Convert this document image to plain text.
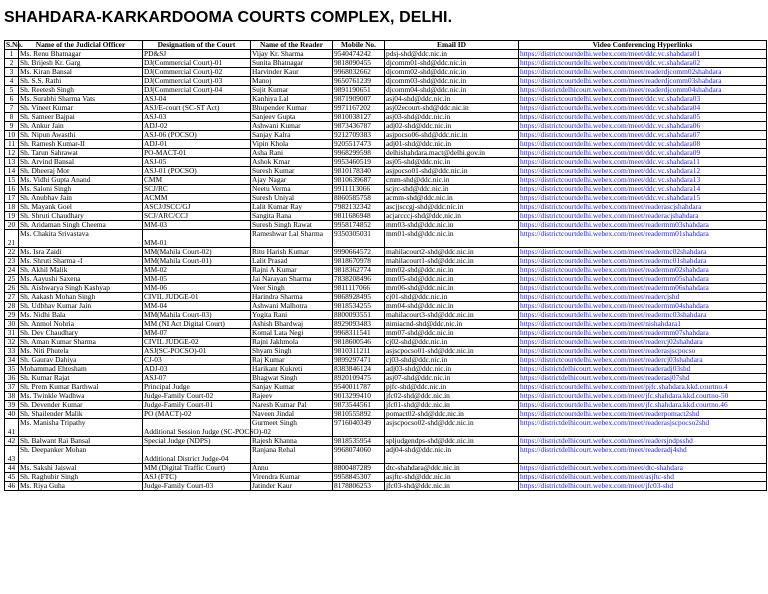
SHAHDARA-KARKARDOOMA COURTS COMPLEX, DELHI.
S.No.	Name of the Judicial Officer	Designation of the Court	Name of the Reader	Mobile No.	Email ID	Video Conferencing Hyperlinks
1	Ms. Renu Bhatnagar	PD&SJ	Vijay Kr. Sharma	9540474242	pdsj-shd@ddc.nic.in	https://districtcourtdelhi.webex.com/meet/ddc.vc.shahdara01
2	Sh. Brijesh Kr. Garg	DJ(Commercial Court)-01	Sunita Bhatnagar	9818090455	djcomm01-shd@ddc.nic.in	https://districtcourtdelhi.webex.com/meet/ddc.vc.shahdara02
3	Ms. Kiran Bansal	DJ(Commercial Court)-02	Harvinder Kaur	9968032662	djcomm02-shd@ddc.nic.in	https://districtcourtdelhi.webex.com/meet/readerdjcomm02shahdara
4	Sh. S.S. Rathi	DJ(Commercial Court)-03	Manoj	9650761239	djcomm03-shd@ddc.nic.in	https://districtcourtdelhi.webex.com/meet/readerdjcomm03shahdara
5	Sh. Reetesh Singh	DJ(Commercial Court)-04	Sujit Kumar	9891190651	djcomm04-shd@ddc.nic.in	https://districtdelhicourt.webex.com/meet/readerdjcomm04shahdara
6	Ms. Surabhi Sharma Vats	ASJ-04	Kanhiya Lal	9871909007	asj04-shd@ddc.nic.in	https://districtcourtdelhi.webex.com/meet/ddc.vc.shahdara03
7	Sh. Vineet Kumar	ASJ/E-court (SC-ST Act)	Bhupender Kumar	9971167202	asj02ecourt-shd@ddc.nic.in	https://districtcourtdelhi.webex.com/meet/ddc.vc.shahdara04
8	Sh. Sameer Bajpai	ASJ-03	Sanjeev Gupta	9810038127	asj03-shd@ddc.nic.in	https://districtcourtdelhi.webex.com/meet/ddc.vc.shahdara05
9	Sh. Ankur Jain	ADJ-02	Ashwani Kumar	9873436787	adj02-shd@ddc.nic.in	https://districtcourtdelhi.webex.com/meet/ddc.vc.shahdara06
10	Sh. Nipun Awasthi	ASJ-06 (POCSO)	Sanjay Kalra	9212709383	asjpocso06-shd@ddc.nic.in	https://districtcourtdelhi.webex.com/meet/ddc.vc.shahdara07
11	Sh. Ramesh Kumar-II	ADJ-01	Vipin Khola	9205517473	adj01-shd@ddc.nic.in	https://districtcourtdelhi.webex.com/meet/ddc.vc.shahdara08
12	Sh. Tarun Sahrawat	PO-MACT-01	Asha Rani	9968299598	delhishahdara.mact@delhi.gov.in	https://districtcourtdelhi.webex.com/meet/ddc.vc.shahdara09
13	Sh. Arvind Bansal	ASJ-05	Ashok Kmar	9953460519	asj05-shd@ddc.nic.in	https://districtcourtdelhi.webex.com/meet/ddc.vc.shahdara11
14	Sh. Dheeraj Mor	ASJ-01 (POCSO)	Suresh Kumar	9810178340	asjpocso01-shd@ddc.nic.in	https://districtcourtdelhi.webex.com/meet/ddc.vc.shahdara12
15	Ms. Vidhi Gupta Anand	CMM	Ajay Nagar	9810639687	cmm-shd@ddc.nic.in	https://districtcourtdelhi.webex.com/meet/ddc.vc.shahdara13
16	Ms. Saloni Singh	SCJ/RC	Neetu Verma	9911113066	scjrc-shd@ddc.nic.in	https://districtcourtdelhi.webex.com/meet/ddc.vc.shahdara14
17	Sh. Anubhav Jain	ACMM	Suresh Uniyal	8860585758	acmm-shd@ddc.nic.in	https://districtcourtdelhi.webex.com/meet/ddc.vc.shahdara15
18	Sh. Mayank Goel	ASCJ/JSCC/GJ	Lalit Kumar Ray	7982132342	ascjjsccgj-shd@ddc.nic.in	https://districtcourtdelhi.webex.com/meet/readerascjshahdara
19	Sh. Shruti Chaudhary	SCJ/ARC/CCJ	Sangita Rana	9811686948	acjarcccj-shd@ddc.nic.in	https://districtcourtdelhi.webex.com/meet/readeracjshahdara
20	Sh. Aridaman Singh Cheema	MM-03	Suresh Singh Rawat	9958174852	mm03-shd@ddc.nic.in	https://districtcourtdelhi.webex.com/meet/readermm03shahdara
21	Ms. Chakita Srivastava	MM-01	Rameshwar Lal Sharma	9350305031	mm01-shd@ddc.nic.in	https://districtcourtdelhi.webex.com/meet/readermm01shahdara
22	Ms. Isra Zaidi	MM(Mahila Court-02)	Ritu Harish Kumar	9990664572	mahilacourt2-shd@ddc.nic.in	https://districtcourtdelhi.webex.com/meet/readermc02shahdara
23	Ms. Shruti Sharma -I	MM(Mahila Court-01)	Lalit Prasad	9818670978	mahilacourt1-shd@ddc.nic.in	https://districtcourtdelhi.webex.com/meet/readermc01shahdara
24	Sh. Akhil Malik	MM-02	Rajni A Kumar	9818362774	mm02-shd@ddc.nic.in	https://districtcourtdelhi.webex.com/meet/readermm02shahdara
25	Ms. Aayushi Saxena	MM-05	Jai Narayan Sharma	7838208496	mm05-shd@ddc.nic.in	https://districtcourtdelhi.webex.com/meet/readermm05shahdara
26	Sh. Aishwarya Singh Kashyap	MM-06	Veer Singh	9811117066	mm06-shd@ddc.nic.in	https://districtcourtdelhi.webex.com/meet/readermm06shahdara
27	Sh. Aakash Mohan Singh	CIVIL JUDGE-01	Harindra Sharma	9868928495	cj01-shd@ddc.nic.in	https://districtcourtdelhi.webex.com/meet/readercjshd
28	Sh. Udbhav Kumar Jain	MM-04	Ashwani Malhotra	9818534255	mm04-shd@ddc.nic.in	https://districtcourtdelhi.webex.com/meet/readermm04shahdara
29	Ms. Nidhi Bala	MM(Mahila Court-03)	Yogita Rani	8800093551	mahilacourt3-shd@ddc.nic.in	https://districtcourtdelhi.webex.com/meet/readermc03shahdara
30	Sh. Anmol Nohria	MM (NI Act Digital Court)	Ashish Bhardwaj	8929093483	nimiacnd-shd@ddc.nic.in	https://districtcourtdelhi.webex.com/meet/nishahdara1
31	Sh. Dev Chaudhary	MM-07	Komal Lata Negi	9968311541	mm07-shd@ddc.nic.in	https://districtcourtdelhi.webex.com/meet/readermm07shahdara
32	Sh. Aman Kumar Sharma	CIVIL JUDGE-02	Rajni Jakhmola	9818600546	cj02-shd@ddc.nic.in	https://districtcourtdelhi.webex.com/meet/readercj02shahdara
33	Ms. Niti Phutela	ASJ(SC-POCSO)-01	Shyam Singh	9810311211	asjscpocso01-shd@ddc.nic.in	https://districtcourtdelhi.webex.com/meet/readerasjscpocso
34	Sh. Gaurav Dahiya	CJ-03	Raj Kumar	9899297471	cj03-shd@ddc.nic.in	https://districtcourtdelhi.webex.com/meet/readercj03shahdara
35	Mohammad Ehtesham	ADJ-03	Harikant Kukreti	8383846124	adj03-shd@ddc.nic.in	https://districtdelhicourt.webex.com/meet/readeradj03shd
36	Sh. Kumar Rajat	ASJ-07	Bhagwat Singh	8920109475	asj07-shd@ddc.nic.in	https://districtdelhicourt.webex.com/meet/readerasj07shd
37	Sh. Prem Kumar Barthwal	Principal Judge	Sanjay Kumar	9540011787	pjfc-shd@ddc.nic.in	https://districtcourtdelhi.webex.com/meet/pjfc.shahdara.kkd.courtno.4
38	Ms. Twinkle Wadhwa	Judge-Family Court-02	Rajeev	9013299410	jfc02-shd@ddc.nic.in	https://districtcourtdelhi.webex.com/meet/jfc.shahdara.kkd.courtno-50
39	Sh. Devender Kumar	Judge-Family Court-01	Naresh Kumar Pal	9873544561	jfc01-shd@ddc.nic.in	https://districtcourtdelhi.webex.com/meet/jfc.shahdara.kkd.courtno.46
40	Sh. Shailender Malik	PO (MACT)-02	Naveen Jindal	9810555892	pomact02-shd@ddc.nic.in	https://districtcourtdelhi.webex.com/meet/readerpomact2shd
41	Ms. Manisha Tripathy	Additional Session Judge (SC-POCSO)-02	Gurmeet Singh	9716040349	asjscpocso02-shd@ddc.nic.in	https://districtdelhicourt.webex.com/meet/readerasjscpocso2shd
42	Sh. Balwant Rai Bansal	Special Judge (NDPS)	Rajesh Khanna	9818535954	spljudgendps-shd@ddc.nic.in	https://districtdelhicourt.webex.com/meet/readersjndpsshd
43	Sh. Deepanker Mohan	Additional District Judge-04	Ranjana Rehal	9968074060	adj04-shd@ddc.nic.in	https://districtdelhicourt.webex.com/meet/readeradj4shd
44	Ms. Sakshi Jaiswal	MM (Digital Traffic Court)	Annu	8800487289	dtc-shahdara@ddc.nic.in	https://districtdelhicourt.webex.com/meet/dtc-shahdara
45	Sh. Raghubir Singh	ASJ (FTC)	Virendra Kumar	9958845307	asjftc-shd@ddc.nic.in	https://districtdelhicourt.webex.com/meet/asjftc-shd
46	Ms. Riya Guha	Judge-Family Court-03	Jatinder Kaur	8178806253	jfc03-shd@ddc.nic.in	https://districtdelhicourt.webex.com/meet/jfc03-shd
